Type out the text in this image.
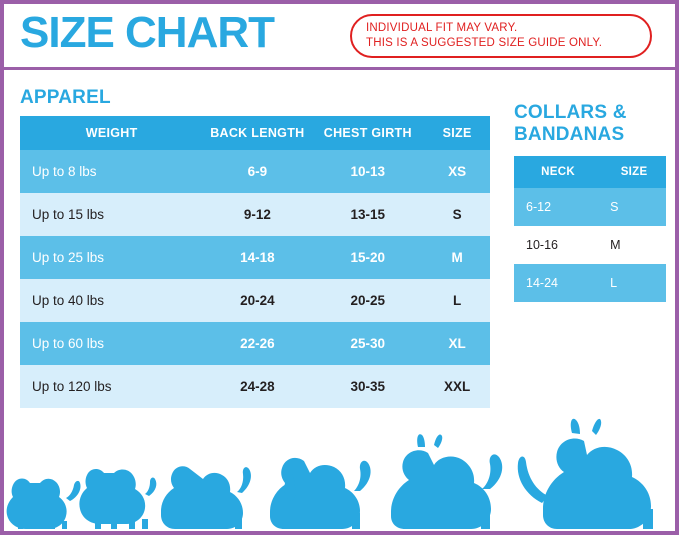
SIZE CHART	INDIVIDUAL FIT MAY VARY.
THIS IS A SUGGESTED SIZE GUIDE ONLY.
APPAREL
WEIGHT	BACK LENGTH	CHEST GIRTH	SIZE
Up to 8 lbs	6-9	10-13	XS
Up to 15 lbs	9-12	13-15	S
Up to 25 lbs	14-18	15-20	M
Up to 40 lbs	20-24	20-25	L
Up to 60 lbs	22-26	25-30	XL
Up to 120 lbs	24-28	30-35	XXL
COLLARS &
BANDANAS
NECK	SIZE
6-12	S
10-16	M
14-24	L
